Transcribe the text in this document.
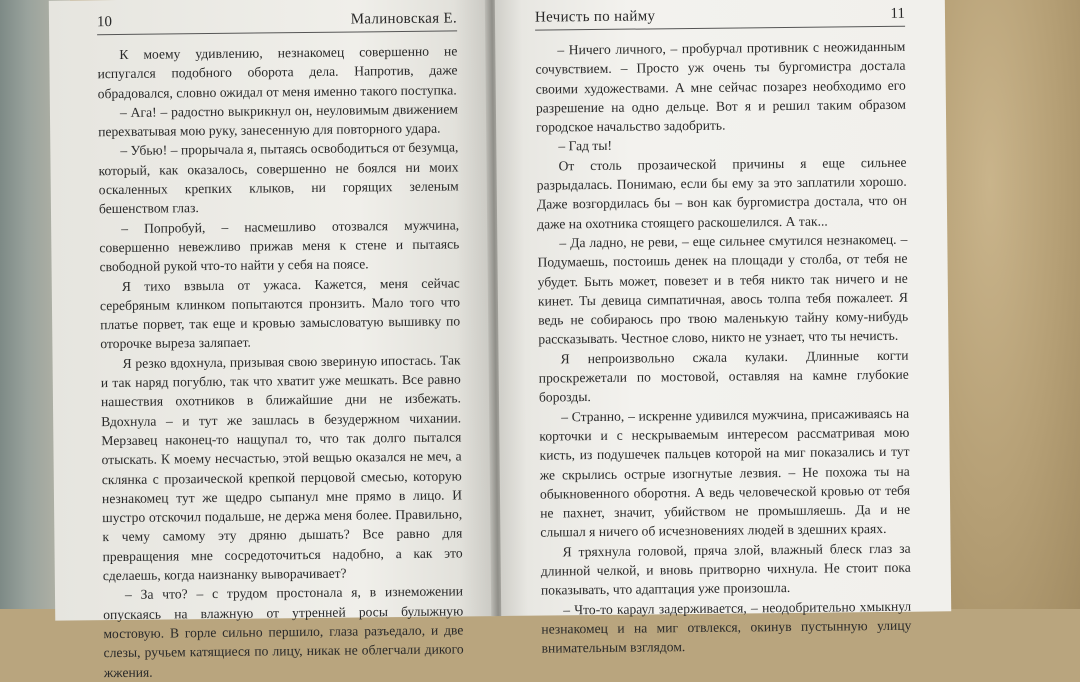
10	Малиновская Е.

К моему удивлению, незнакомец совершенно не испугался подобного оборота дела. Напротив, даже обрадовался, словно ожидал от меня именно такого поступка.

– Ага! – радостно выкрикнул он, неуловимым движением перехватывая мою руку, занесенную для повторного удара.

– Убью! – прорычала я, пытаясь освободиться от безумца, который, как оказалось, совершенно не боялся ни моих оскаленных крепких клыков, ни горящих зеленым бешенством глаз.

– Попробуй, – насмешливо отозвался мужчина, совершенно невежливо прижав меня к стене и пытаясь свободной рукой что-то найти у себя на поясе.

Я тихо взвыла от ужаса. Кажется, меня сейчас серебряным клинком попытаются пронзить. Мало того что платье порвет, так еще и кровью замысловатую вышивку по оторочке выреза заляпает.

Я резко вдохнула, призывая свою звериную ипостась. Так и так наряд погублю, так что хватит уже мешкать. Все равно нашествия охотников в ближайшие дни не избежать. Вдохнула – и тут же зашлась в безудержном чихании. Мерзавец наконец-то нащупал то, что так долго пытался отыскать. К моему несчастью, этой вещью оказался не меч, а склянка с прозаической крепкой перцовой смесью, которую незнакомец тут же щедро сыпанул мне прямо в лицо. И шустро отскочил подальше, не держа меня более. Правильно, к чему самому эту дряню дышать? Все равно для превращения мне сосредоточиться надобно, а как это сделаешь, когда наизнанку выворачивает?

– За что? – с трудом простонала я, в изнеможении опускаясь на влажную от утренней росы булыжную мостовую. В горле сильно першило, глаза разъедало, и две слезы, ручьем катящиеся по лицу, никак не облегчали дикого жжения.

Нечисть по найму	11

– Ничего личного, – пробурчал противник с неожиданным сочувствием. – Просто уж очень ты бургомистра достала своими художествами. А мне сейчас позарез необходимо его разрешение на одно дельце. Вот я и решил таким образом городское начальство задобрить.

– Гад ты!

От столь прозаической причины я еще сильнее разрыдалась. Понимаю, если бы ему за это заплатили хорошо. Даже возгордилась бы – вон как бургомистра достала, что он даже на охотника стоящего раскошелился. А так...

– Да ладно, не реви, – еще сильнее смутился незнакомец. – Подумаешь, постоишь денек на площади у столба, от тебя не убудет. Быть может, повезет и в тебя никто так ничего и не кинет. Ты девица симпатичная, авось толпа тебя пожалеет. Я ведь не собираюсь про твою маленькую тайну кому-нибудь рассказывать. Честное слово, никто не узнает, что ты нечисть.

Я непроизвольно сжала кулаки. Длинные когти проскрежетали по мостовой, оставляя на камне глубокие борозды.

– Странно, – искренне удивился мужчина, присаживаясь на корточки и с нескрываемым интересом рассматривая мою кисть, из подушечек пальцев которой на миг показались и тут же скрылись острые изогнутые лезвия. – Не похожа ты на обыкновенного оборотня. А ведь человеческой кровью от тебя не пахнет, значит, убийством не промышляешь. Да и не слышал я ничего об исчезновениях людей в здешних краях.

Я тряхнула головой, пряча злой, влажный блеск глаз за длинной челкой, и вновь притворно чихнула. Не стоит пока показывать, что адаптация уже произошла.

– Что-то караул задерживается, – неодобрительно хмыкнул незнакомец и на миг отвлекся, окинув пустынную улицу внимательным взглядом.
